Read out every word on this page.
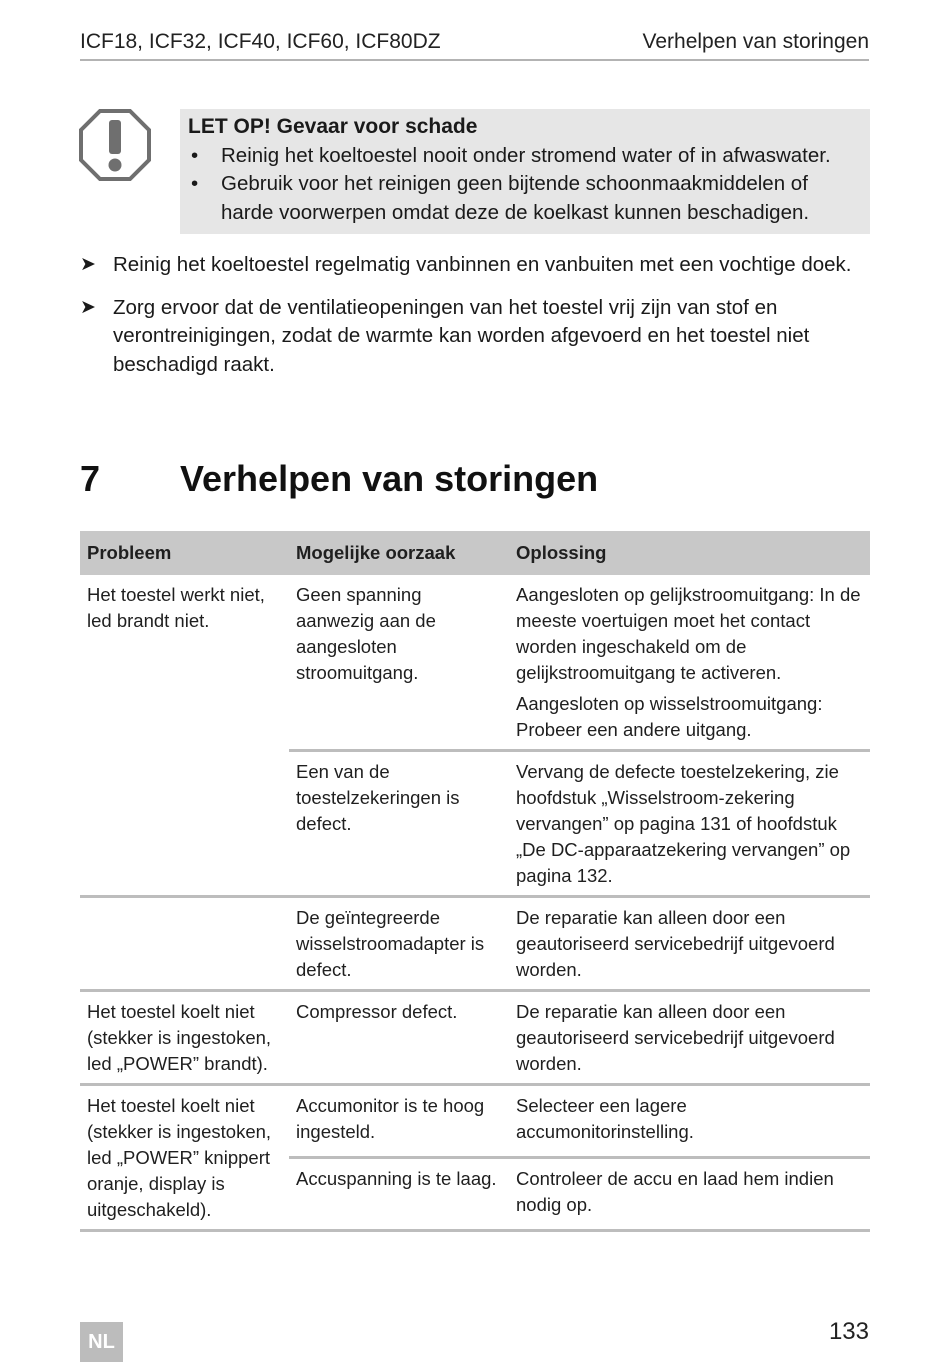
ICF18, ICF32, ICF40, ICF60, ICF80DZ	Verhelpen van storingen
LET OP! Gevaar voor schade
• Reinig het koeltoestel nooit onder stromend water of in afwaswater.
• Gebruik voor het reinigen geen bijtende schoonmaakmiddelen of harde voorwerpen omdat deze de koelkast kunnen beschadigen.
➤ Reinig het koeltoestel regelmatig vanbinnen en vanbuiten met een vochtige doek.
➤ Zorg ervoor dat de ventilatieopeningen van het toestel vrij zijn van stof en verontreinigingen, zodat de warmte kan worden afgevoerd en het toestel niet beschadigd raakt.
7 Verhelpen van storingen
Probleem	Mogelijke oorzaak	Oplossing
Het toestel werkt niet, led brandt niet.	Geen spanning aanwezig aan de aangesloten stroomuitgang.	Aangesloten op gelijkstroomuitgang: In de meeste voertuigen moet het contact worden ingeschakeld om de gelijkstroomuitgang te activeren.

Aangesloten op wisselstroomuitgang: Probeer een andere uitgang.

	Een van de toestelzekeringen is defect.	Vervang de defecte toestelzekering, zie hoofdstuk „Wisselstroom-zekering vervangen” op pagina 131 of hoofdstuk „De DC-apparaatzekering vervangen” op pagina 132.
	De geïntegreerde wisselstroomadapter is defect.	De reparatie kan alleen door een geautoriseerd servicebedrijf uitgevoerd worden.
Het toestel koelt niet (stekker is ingestoken, led „POWER” brandt).	Compressor defect.	De reparatie kan alleen door een geautoriseerd servicebedrijf uitgevoerd worden.
Het toestel koelt niet (stekker is ingestoken, led „POWER” knippert oranje, display is uitgeschakeld).	Accumonitor is te hoog ingesteld.	Selecteer een lagere accumonitorinstelling.
	Accuspanning is te laag.	Controleer de accu en laad hem indien nodig op.
NL	133
